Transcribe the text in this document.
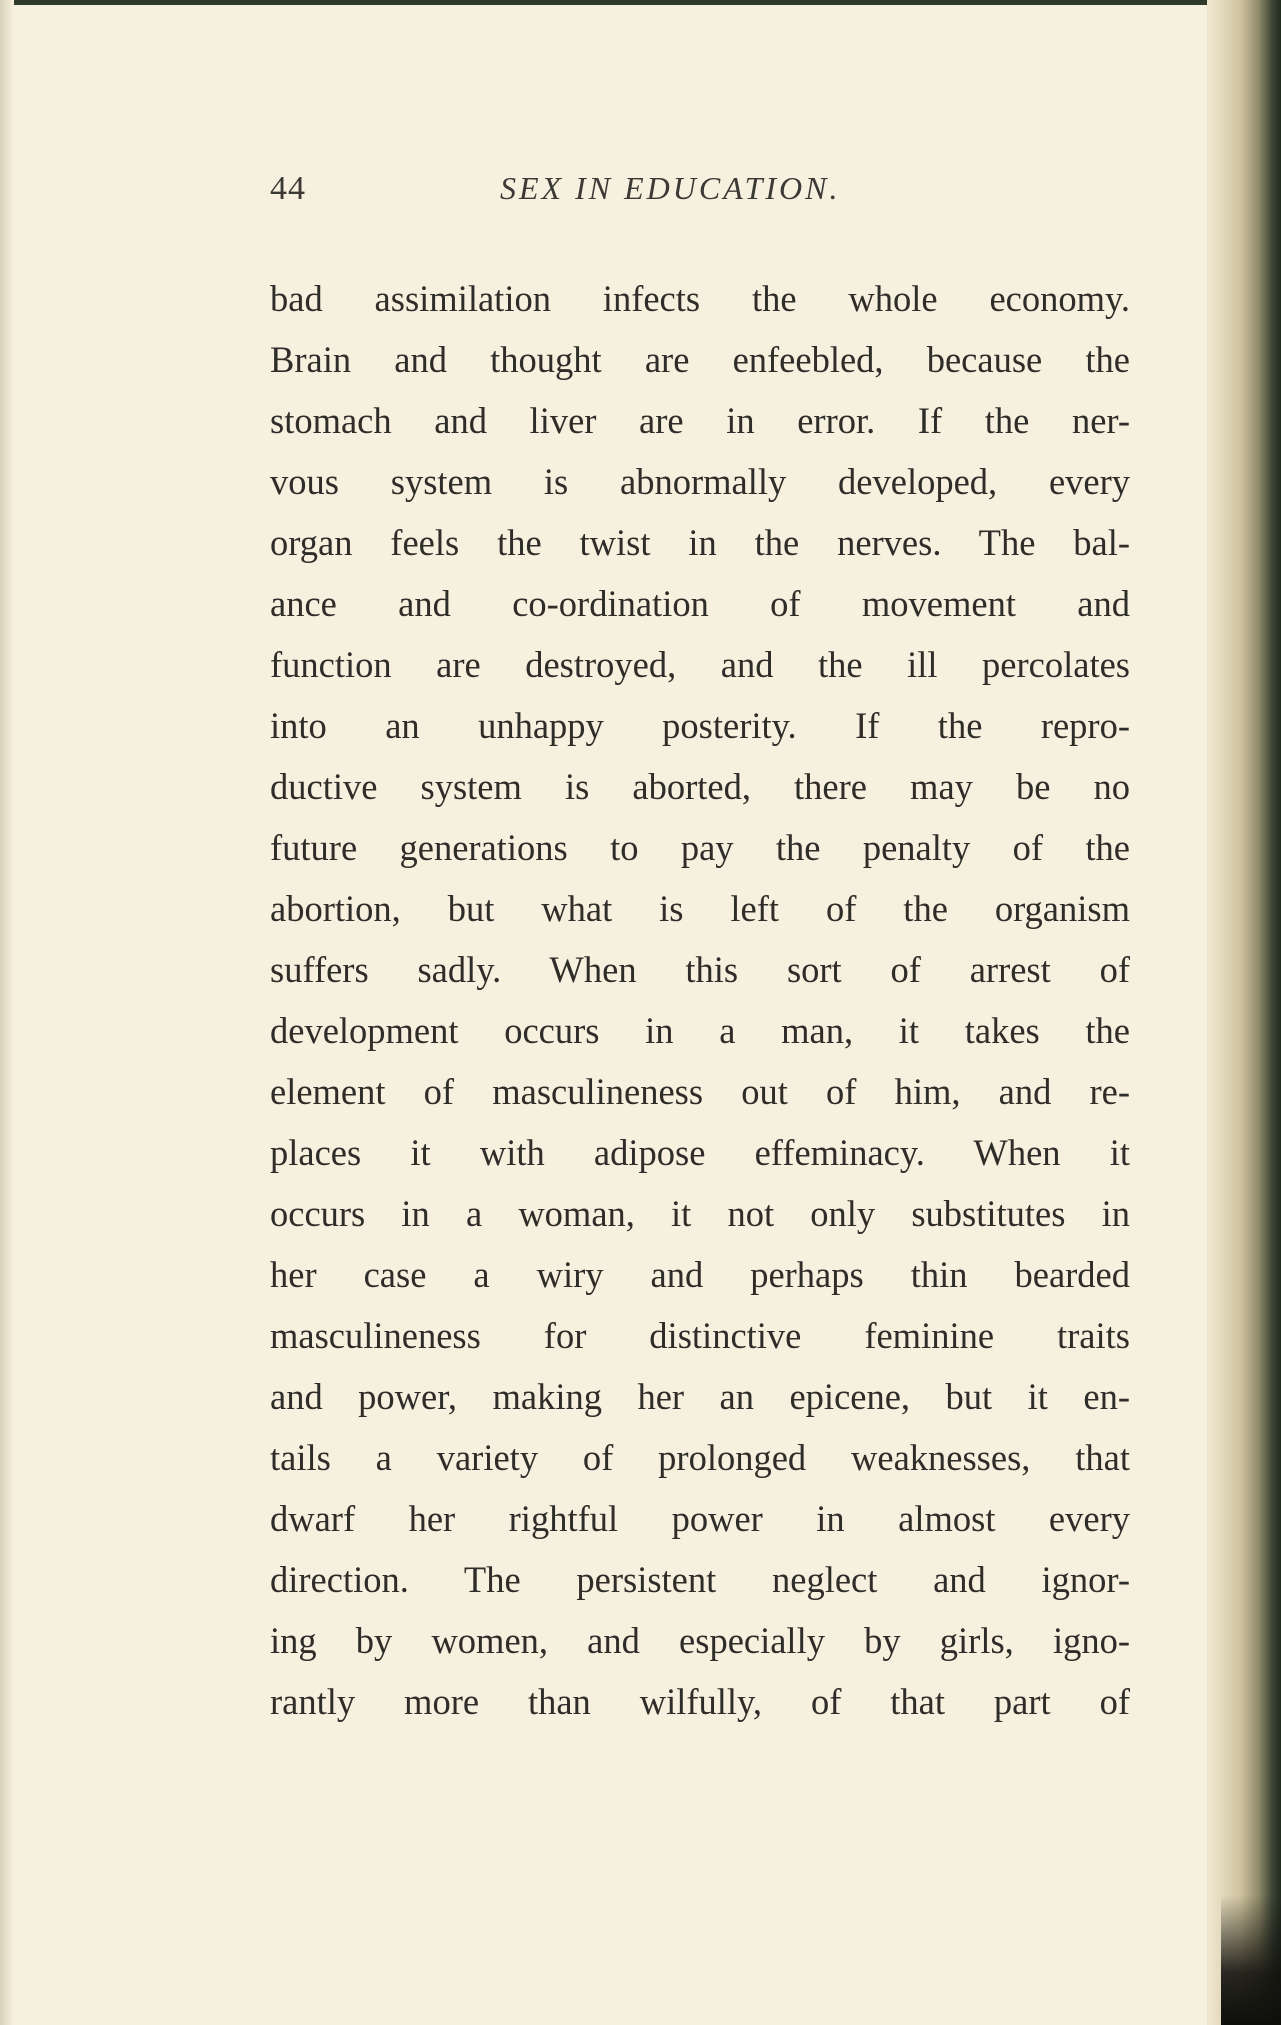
44	SEX IN EDUCATION.
bad assimilation infects the whole economy.
Brain and thought are enfeebled, because the
stomach and liver are in error. If the ner-
vous system is abnormally developed, every
organ feels the twist in the nerves. The bal-
ance and co-ordination of movement and
function are destroyed, and the ill percolates
into an unhappy posterity. If the repro-
ductive system is aborted, there may be no
future generations to pay the penalty of the
abortion, but what is left of the organism
suffers sadly. When this sort of arrest of
development occurs in a man, it takes the
element of masculineness out of him, and re-
places it with adipose effeminacy. When it
occurs in a woman, it not only substitutes in
her case a wiry and perhaps thin bearded
masculineness for distinctive feminine traits
and power, making her an epicene, but it en-
tails a variety of prolonged weaknesses, that
dwarf her rightful power in almost every
direction. The persistent neglect and ignor-
ing by women, and especially by girls, igno-
rantly more than wilfully, of that part of
